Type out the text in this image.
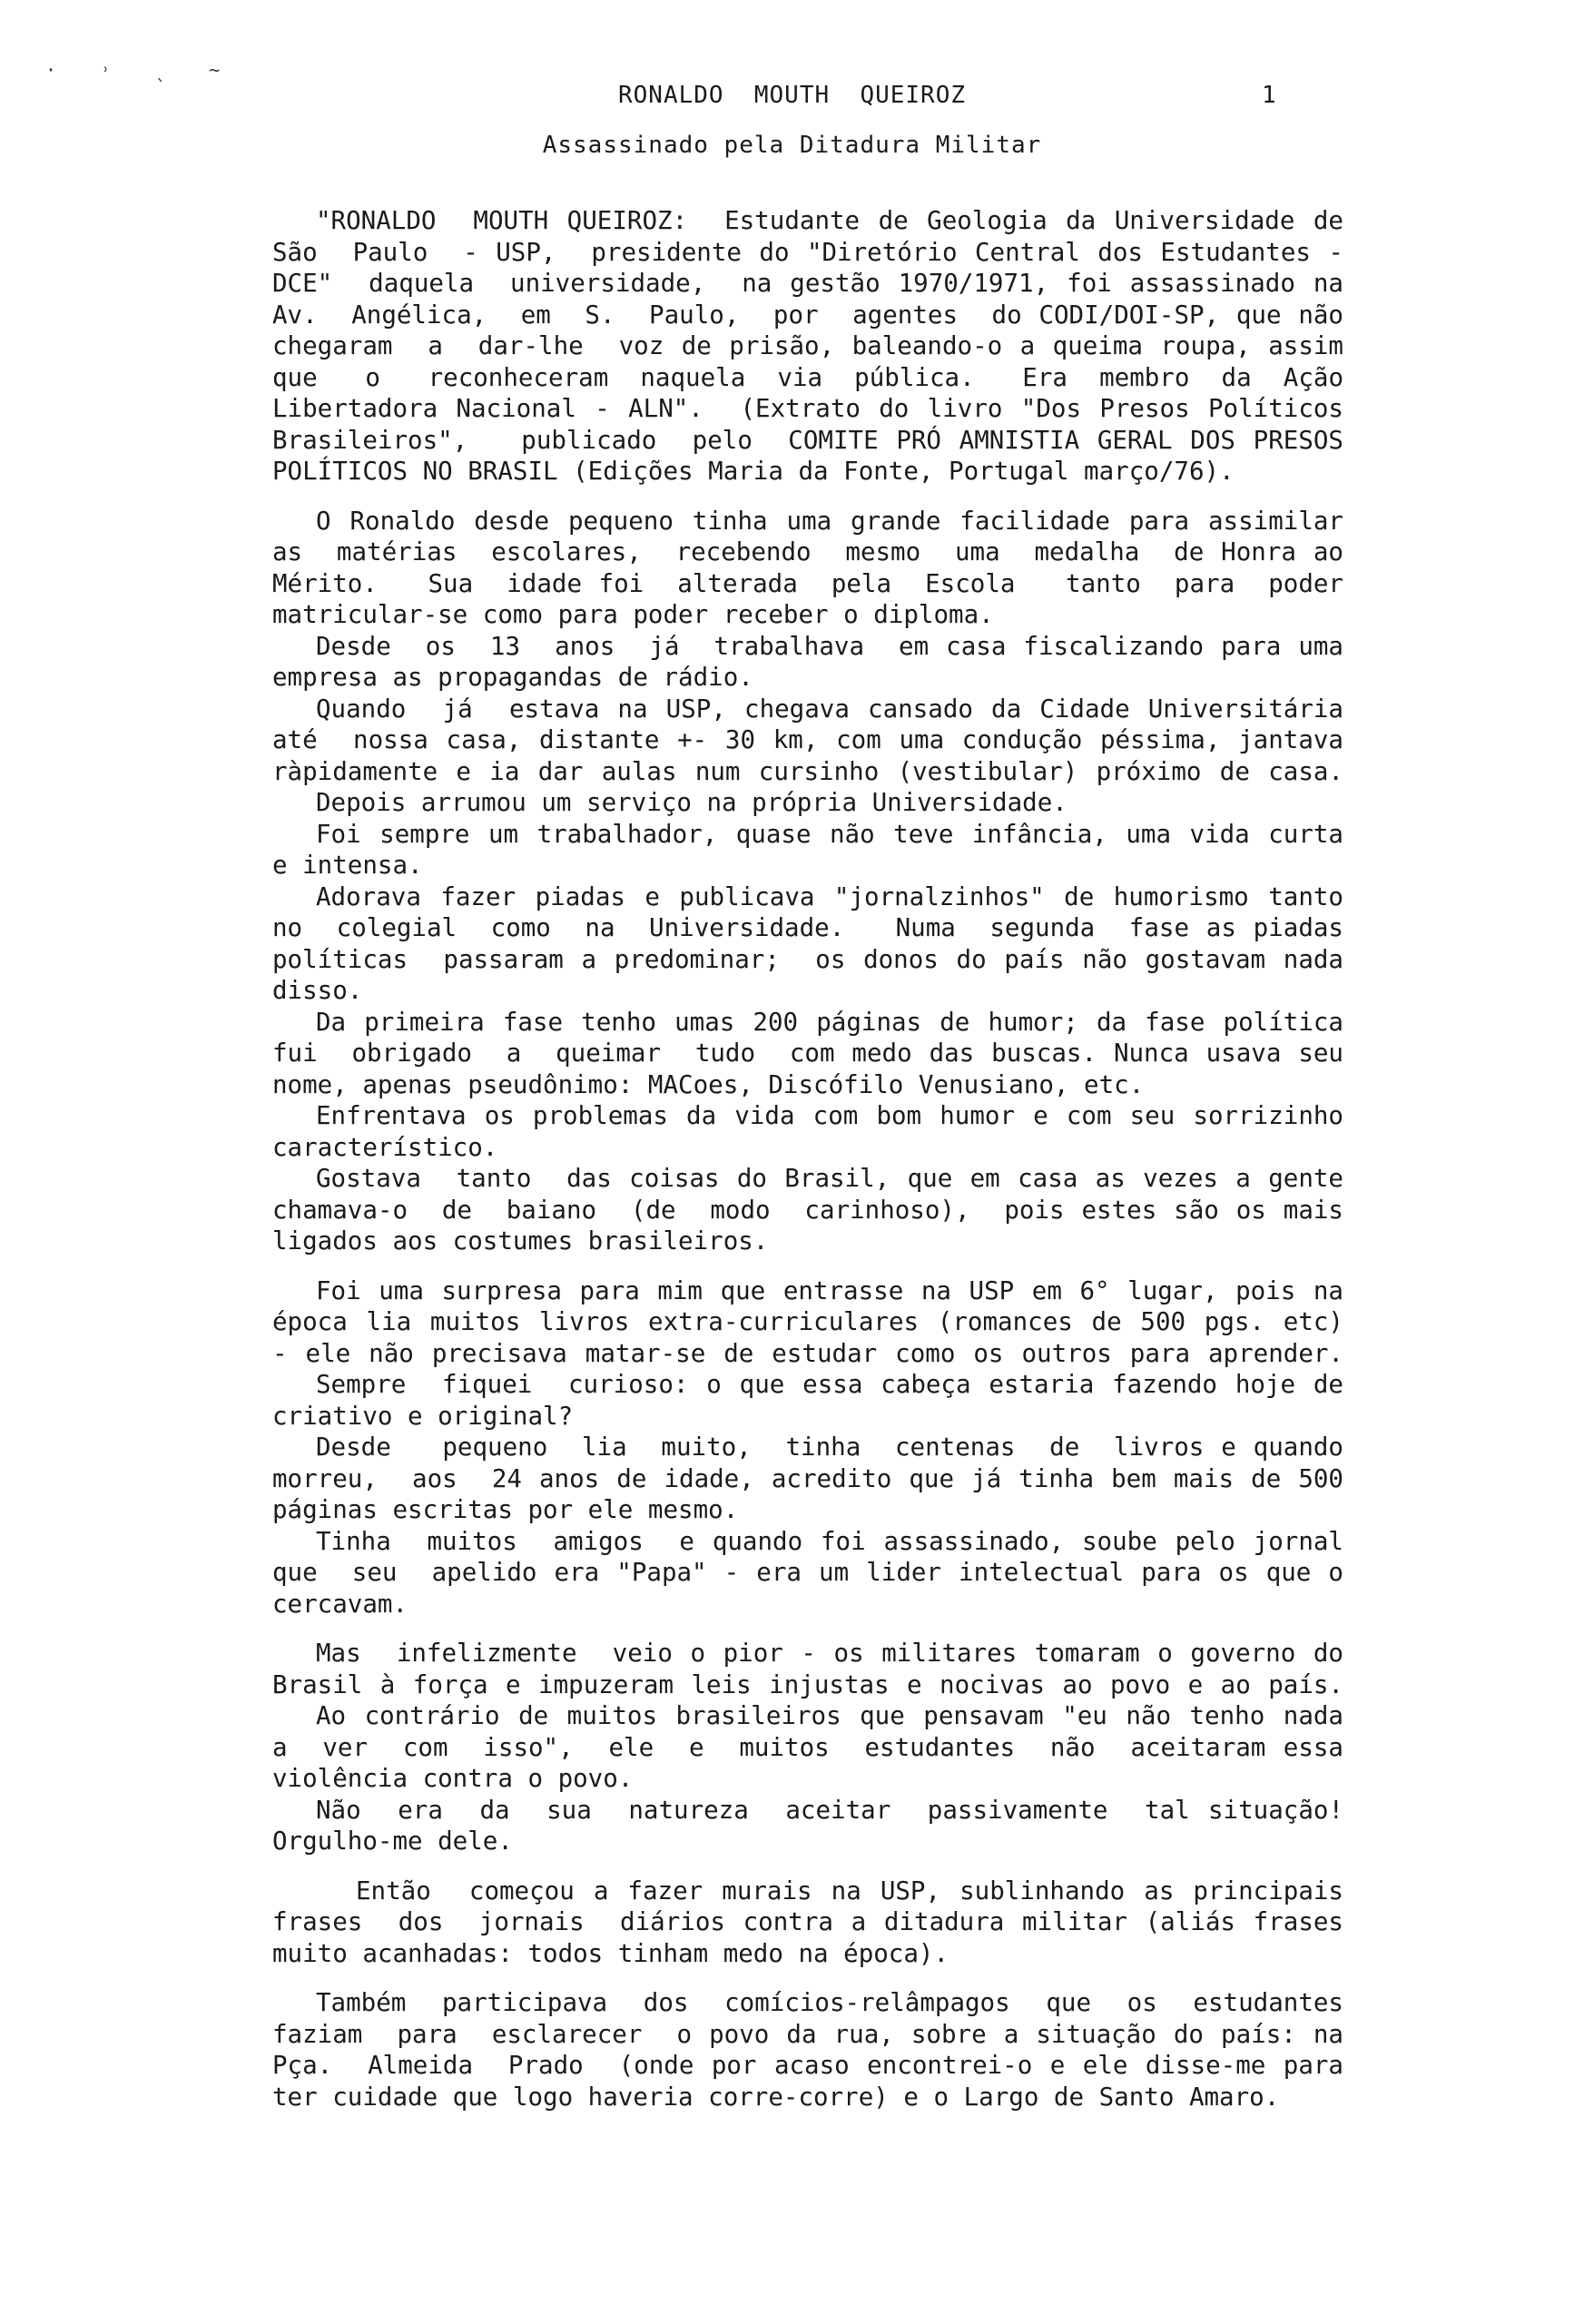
· ˒ ˎ ~
RONALDO  MOUTH  QUEIROZ	1
Assassinado pela Ditadura Militar
"RONALDO  MOUTH QUEIROZ:  Estudante de Geologia da Universidade de
São  Paulo  - USP,  presidente do "Diretório Central dos Estudantes -
DCE"  daquela  universidade,  na gestão 1970/1971, foi assassinado na
Av.  Angélica,  em  S.  Paulo,  por  agentes  do CODI/DOI-SP, que não
chegaram  a  dar-lhe  voz de prisão, baleando-o a queima roupa, assim
que   o   reconheceram  naquela  via  pública.   Era  membro  da  Ação
Libertadora Nacional - ALN".  (Extrato do livro "Dos Presos Políticos
Brasileiros",   publicado  pelo  COMITE PRÓ AMNISTIA GERAL DOS PRESOS
POLÍTICOS NO BRASIL (Edições Maria da Fonte, Portugal março/76).
O Ronaldo desde pequeno tinha uma grande facilidade para assimilar
as  matérias  escolares,  recebendo  mesmo  uma  medalha  de Honra ao
Mérito.   Sua  idade foi  alterada  pela  Escola   tanto  para  poder
matricular-se como para poder receber o diploma.
Desde  os  13  anos  já  trabalhava  em casa fiscalizando para uma
empresa as propagandas de rádio.
Quando  já  estava na USP, chegava cansado da Cidade Universitária
até  nossa casa, distante +- 30 km, com uma condução péssima, jantava
ràpidamente e ia dar aulas num cursinho (vestibular) próximo de casa.
Depois arrumou um serviço na própria Universidade.
Foi sempre um trabalhador, quase não teve infância, uma vida curta
e intensa.
Adorava fazer piadas e publicava "jornalzinhos" de humorismo tanto
no  colegial  como  na  Universidade.   Numa  segunda  fase as piadas
políticas  passaram a predominar;  os donos do país não gostavam nada
disso.
Da primeira fase tenho umas 200 páginas de humor; da fase política
fui  obrigado  a  queimar  tudo  com medo das buscas. Nunca usava seu
nome, apenas pseudônimo: MACoes, Discófilo Venusiano, etc.
Enfrentava os problemas da vida com bom humor e com seu sorrizinho
característico.
Gostava  tanto  das coisas do Brasil, que em casa as vezes a gente
chamava-o  de  baiano  (de  modo  carinhoso),  pois estes são os mais
ligados aos costumes brasileiros.
Foi uma surpresa para mim que entrasse na USP em 6° lugar, pois na
época lia muitos livros extra-curriculares (romances de 500 pgs. etc)
- ele não precisava matar-se de estudar como os outros para aprender.
Sempre  fiquei  curioso: o que essa cabeça estaria fazendo hoje de
criativo e original?
Desde   pequeno  lia  muito,  tinha  centenas  de  livros e quando
morreu,  aos  24 anos de idade, acredito que já tinha bem mais de 500
páginas escritas por ele mesmo.
Tinha  muitos  amigos  e quando foi assassinado, soube pelo jornal
que  seu  apelido era "Papa" - era um lider intelectual para os que o
cercavam.
Mas  infelizmente  veio o pior - os militares tomaram o governo do
Brasil à força e impuzeram leis injustas e nocivas ao povo e ao país.
Ao contrário de muitos brasileiros que pensavam "eu não tenho nada
a  ver  com  isso",  ele  e  muitos  estudantes  não  aceitaram essa
violência contra o povo.
Não  era  da  sua  natureza  aceitar  passivamente  tal situação!
Orgulho-me dele.
Então  começou a fazer murais na USP, sublinhando as principais
frases  dos  jornais  diários contra a ditadura militar (aliás frases
muito acanhadas: todos tinham medo na época).
Também  participava  dos  comícios-relâmpagos  que  os  estudantes
faziam  para  esclarecer  o povo da rua, sobre a situação do país: na
Pça.  Almeida  Prado  (onde por acaso encontrei-o e ele disse-me para
ter cuidade que logo haveria corre-corre) e o Largo de Santo Amaro.
